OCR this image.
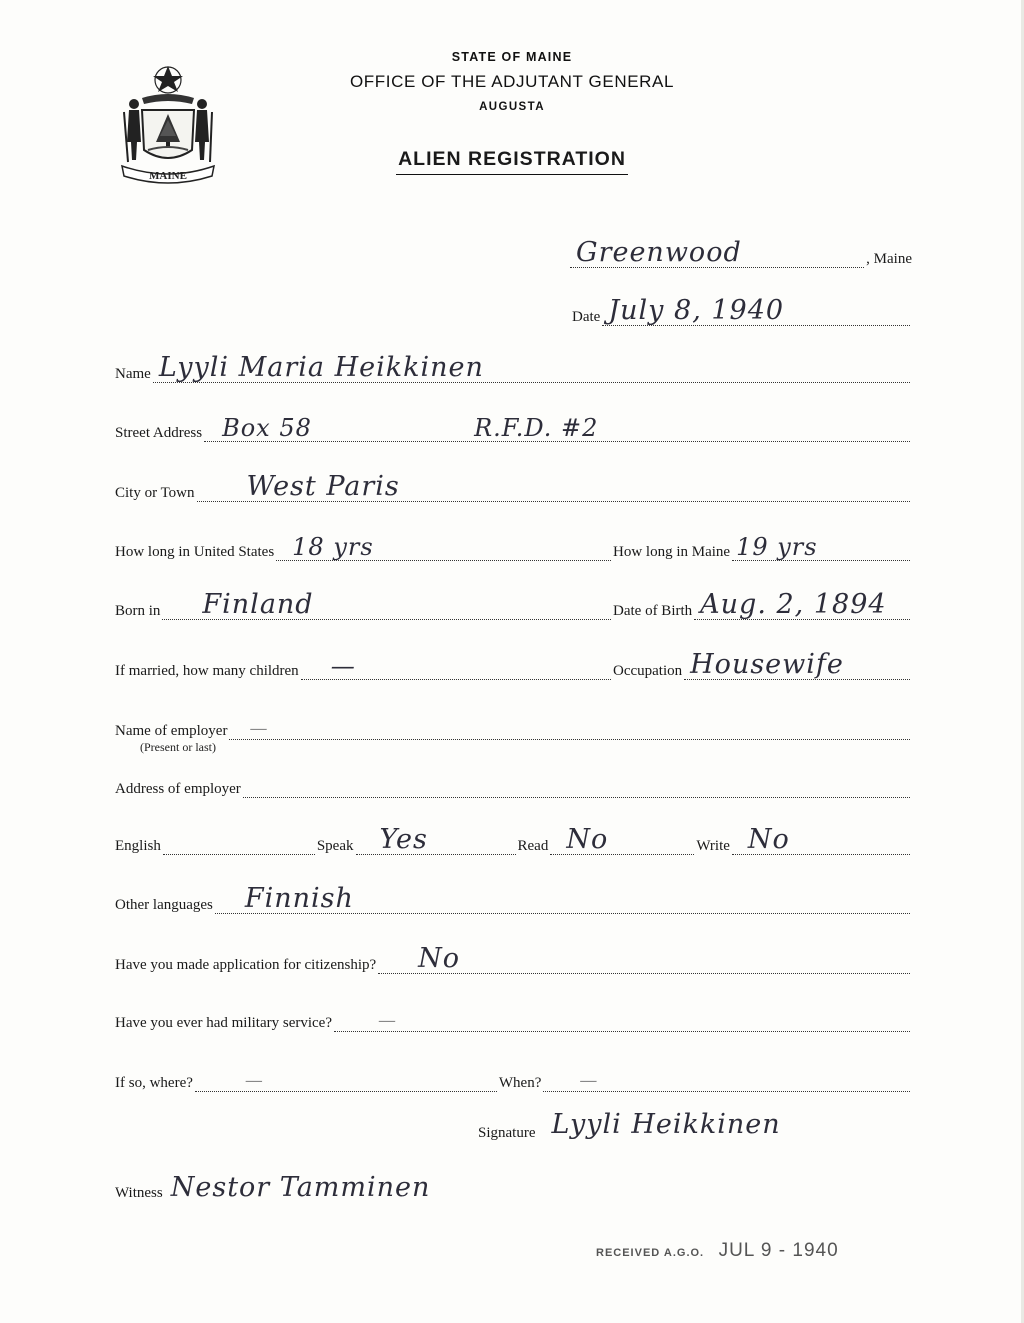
MAINE
STATE OF MAINE
OFFICE OF THE ADJUTANT GENERAL
AUGUSTA
ALIEN REGISTRATION
Greenwood	, Maine
Date July 8, 1940
Name Lyyli Maria Heikkinen
Street Address Box 58	R.F.D. #2
City or Town West Paris
How long in United States 18 yrs	How long in Maine 19 yrs
Born in Finland	Date of Birth Aug. 2, 1894
If married, how many children —	Occupation Housewife
Name of employer —
(Present or last)
Address of employer
English	Speak Yes	Read No	Write No
Other languages Finnish
Have you made application for citizenship? No
Have you ever had military service?	—
If so, where?	—	When? —
Signature Lyyli Heikkinen
Witness Nestor Tamminen
RECEIVED A.G.O. JUL 9 - 1940
